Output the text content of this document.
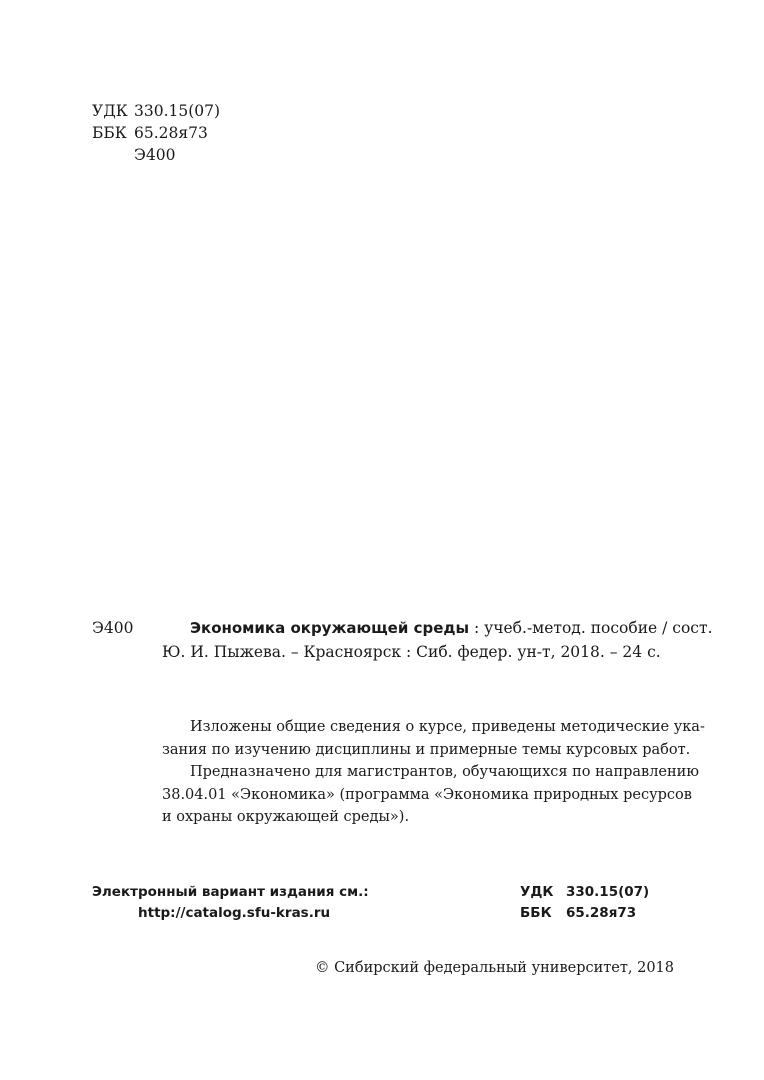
УДК 330.15(07)
ББК 65.28я73
Э400
Э400	Экономика окружающей среды : учеб.-метод. пособие / сост.
Ю. И. Пыжева. – Красноярск : Сиб. федер. ун-т, 2018. – 24 с.
Изложены общие сведения о курсе, приведены методические ука-
зания по изучению дисциплины и примерные темы курсовых работ.
Предназначено для магистрантов, обучающихся по направлению
38.04.01 «Экономика» (программа «Экономика природных ресурсов
и охраны окружающей среды»).
Электронный вариант издания см.:
http://catalog.sfu-kras.ru
УДК 330.15(07)
ББК 65.28я73
© Сибирский федеральный университет, 2018
